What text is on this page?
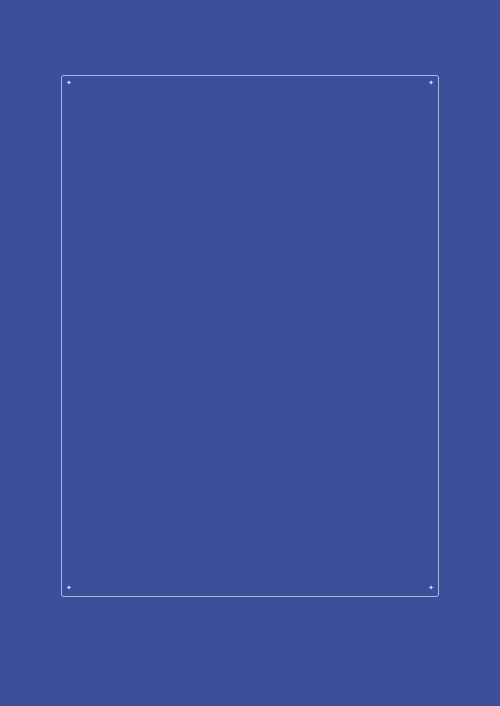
✦	✦
✦	✦
